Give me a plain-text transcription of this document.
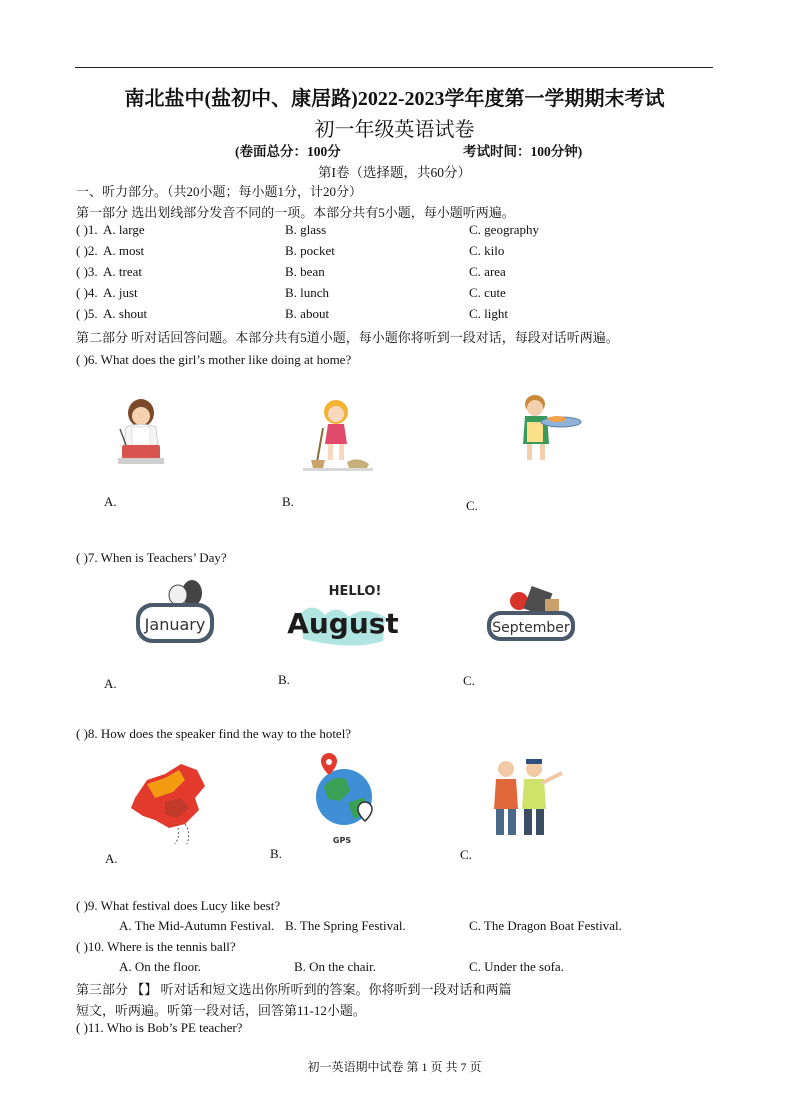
南北盐中(盐初中、康居路)2022-2023学年度第一学期期末考试
初一年级英语试卷
(卷面总分：100分	考试时间：100分钟)
第I卷（选择题，共60分）
一、听力部分。（共20小题；每小题1分，计20分）
第一部分 选出划线部分发音不同的一项。本部分共有5小题，每小题听两遍。
( )1. A. large	B. glass	C. geography
( )2. A. most	B. pocket	C. kilo
( )3. A. treat	B. bean	C. area
( )4. A. just	B. lunch	C. cute
( )5. A. shout	B. about	C. light
第二部分 听对话回答问题。本部分共有5道小题，每小题你将听到一段对话，每段对话听两遍。
( )6. What does the girl’s mother like doing at home?
A.	B.	C.
( )7. When is Teachers’ Day?
January
HELLO!
August	September
A.	B.	C.
( )8. How does the speaker find the way to the hotel?
GPS
A.	B.	C.
( )9. What festival does Lucy like best?
A. The Mid-Autumn Festival. B. The Spring Festival.	C. The Dragon Boat Festival.
( )10. Where is the tennis ball?
A. On the floor.	B. On the chair.	C. Under the sofa.
第三部分 【】 听对话和短文选出你所听到的答案。你将听到一段对话和两篇
短文，听两遍。听第一段对话，回答第11-12小题。
( )11. Who is Bob’s PE teacher?
初一英语期中试卷 第 1 页 共 7 页
